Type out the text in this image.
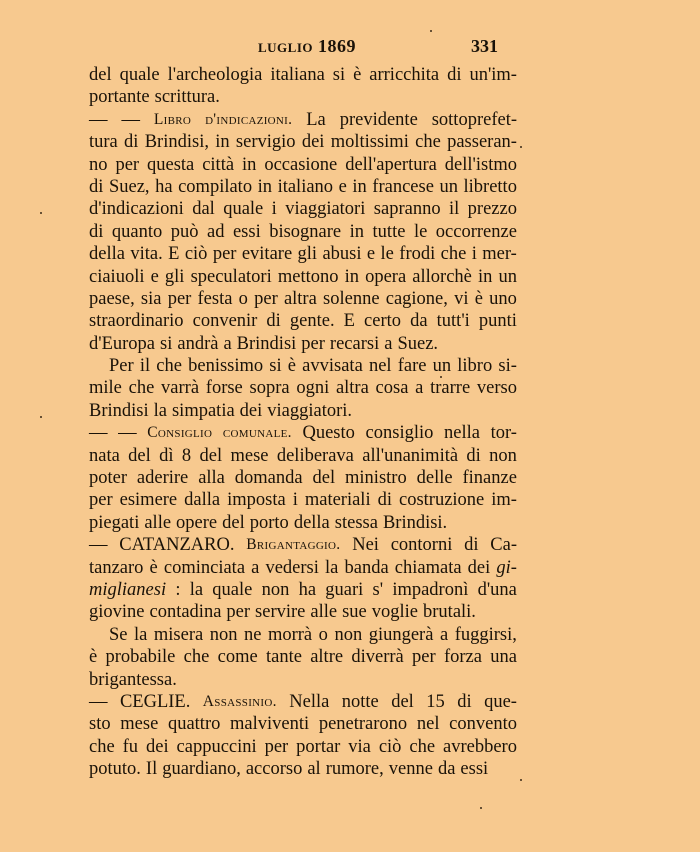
luglio 1869	331
del quale l'archeologia italiana si è arricchita di un'im-
portante scrittura.
— — Libro d'indicazioni. La previdente sottoprefet-
tura di Brindisi, in servigio dei moltissimi che passeran-
no per questa città in occasione dell'apertura dell'istmo
di Suez, ha compilato in italiano e in francese un libretto
d'indicazioni dal quale i viaggiatori sapranno il prezzo
di quanto può ad essi bisognare in tutte le occorrenze
della vita. E ciò per evitare gli abusi e le frodi che i mer-
ciaiuoli e gli speculatori mettono in opera allorchè in un
paese, sia per festa o per altra solenne cagione, vi è uno
straordinario convenir di gente. E certo da tutt'i punti
d'Europa si andrà a Brindisi per recarsi a Suez.
Per il che benissimo si è avvisata nel fare un libro si-
mile che varrà forse sopra ogni altra cosa a trarre verso
Brindisi la simpatia dei viaggiatori.
— — Consiglio comunale. Questo consiglio nella tor-
nata del dì 8 del mese deliberava all'unanimità di non
poter aderire alla domanda del ministro delle finanze
per esimere dalla imposta i materiali di costruzione im-
piegati alle opere del porto della stessa Brindisi.
— CATANZARO. Brigantaggio. Nei contorni di Ca-
tanzaro è cominciata a vedersi la banda chiamata dei gi-
miglianesi : la quale non ha guari s' impadronì d'una
giovine contadina per servire alle sue voglie brutali.
Se la misera non ne morrà o non giungerà a fuggirsi,
è probabile che come tante altre diverrà per forza una
brigantessa.
— CEGLIE. Assassinio. Nella notte del 15 di que-
sto mese quattro malviventi penetrarono nel convento
che fu dei cappuccini per portar via ciò che avrebbero
potuto. Il guardiano, accorso al rumore, venne da essi
